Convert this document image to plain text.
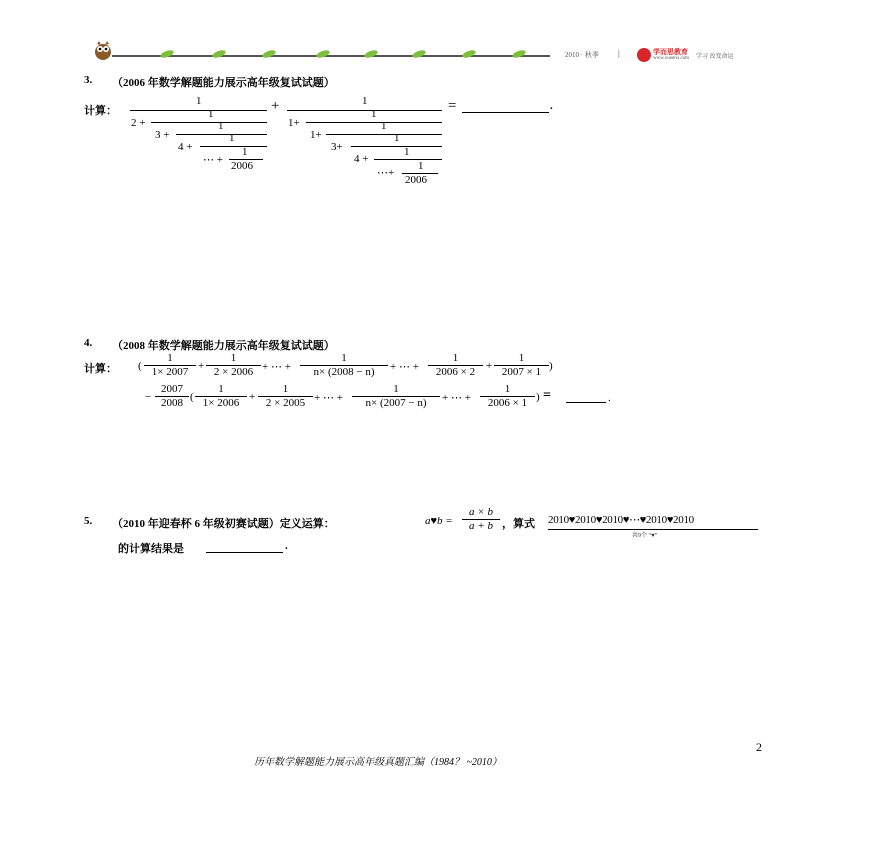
2010 · 秋季 |	学而思教育
www.xueersi.com 学习 改变命运
3. （2006 年数学解题能力展示高年级复试试题）
计算：
1
2 +
1
3 +
1
4 +
1
⋯ +
1
2006
+	1
1+
1
1+
1
3+
1
4 +
1
⋯+
1
2006
=	.
4. （2008 年数学解题能力展示高年级复试试题）
计算： (
1
1× 2007 +
1
2 × 2006 + ⋯ +
1
n× (2008 − n) + ⋯ +
1
2006 × 2 +
1
2007 × 1 )
−
2007
2008 (
1
1× 2006 +
1
2 × 2005 + ⋯ +
1
n× (2007 − n) + ⋯ +
1
2006 × 1 ) =	.
5. （2010 年迎春杯 6 年级初赛试题）定义运算：	a♥b =
a × b
a + b ，算式 2010♥2010♥2010♥⋯♥2010♥2010
共9个 “♥”
的计算结果是	.
2
历年数学解题能力展示高年级真题汇编（1984？ ~2010）
